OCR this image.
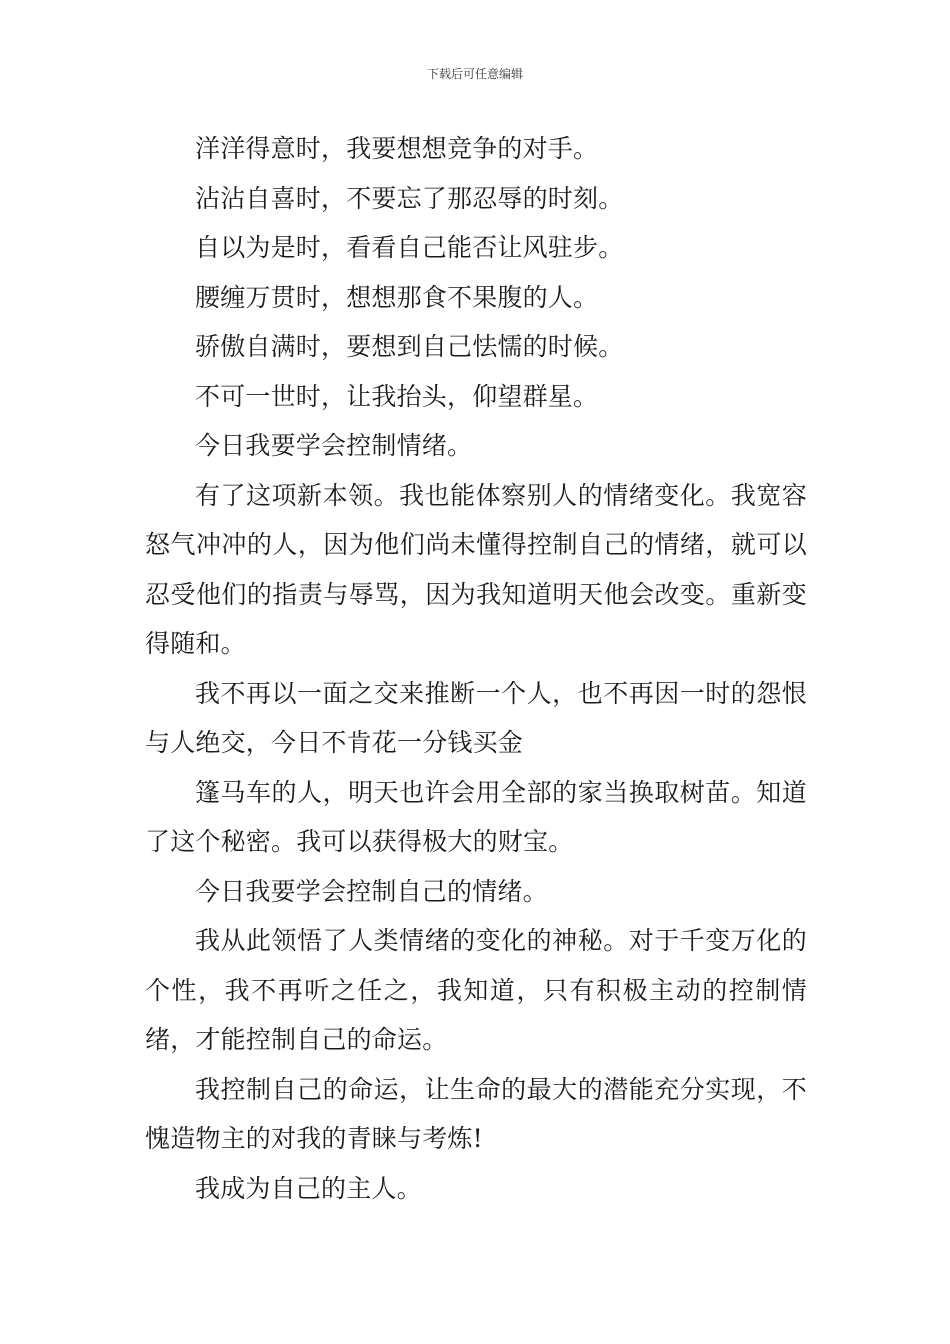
下载后可任意编辑

洋洋得意时，我要想想竞争的对手。

沾沾自喜时，不要忘了那忍辱的时刻。

自以为是时，看看自己能否让风驻步。

腰缠万贯时，想想那食不果腹的人。

骄傲自满时，要想到自己怯懦的时候。

不可一世时，让我抬头，仰望群星。

今日我要学会控制情绪。

有了这项新本领。我也能体察别人的情绪变化。我宽容怒气冲冲的人，因为他们尚未懂得控制自己的情绪，就可以忍受他们的指责与辱骂，因为我知道明天他会改变。重新变得随和。

我不再以一面之交来推断一个人，也不再因一时的怨恨与人绝交，今日不肯花一分钱买金

篷马车的人，明天也许会用全部的家当换取树苗。知道了这个秘密。我可以获得极大的财宝。

今日我要学会控制自己的情绪。

我从此领悟了人类情绪的变化的神秘。对于千变万化的个性，我不再听之任之，我知道，只有积极主动的控制情绪，才能控制自己的命运。

我控制自己的命运，让生命的最大的潜能充分实现，不愧造物主的对我的青睐与考炼!

我成为自己的主人。
